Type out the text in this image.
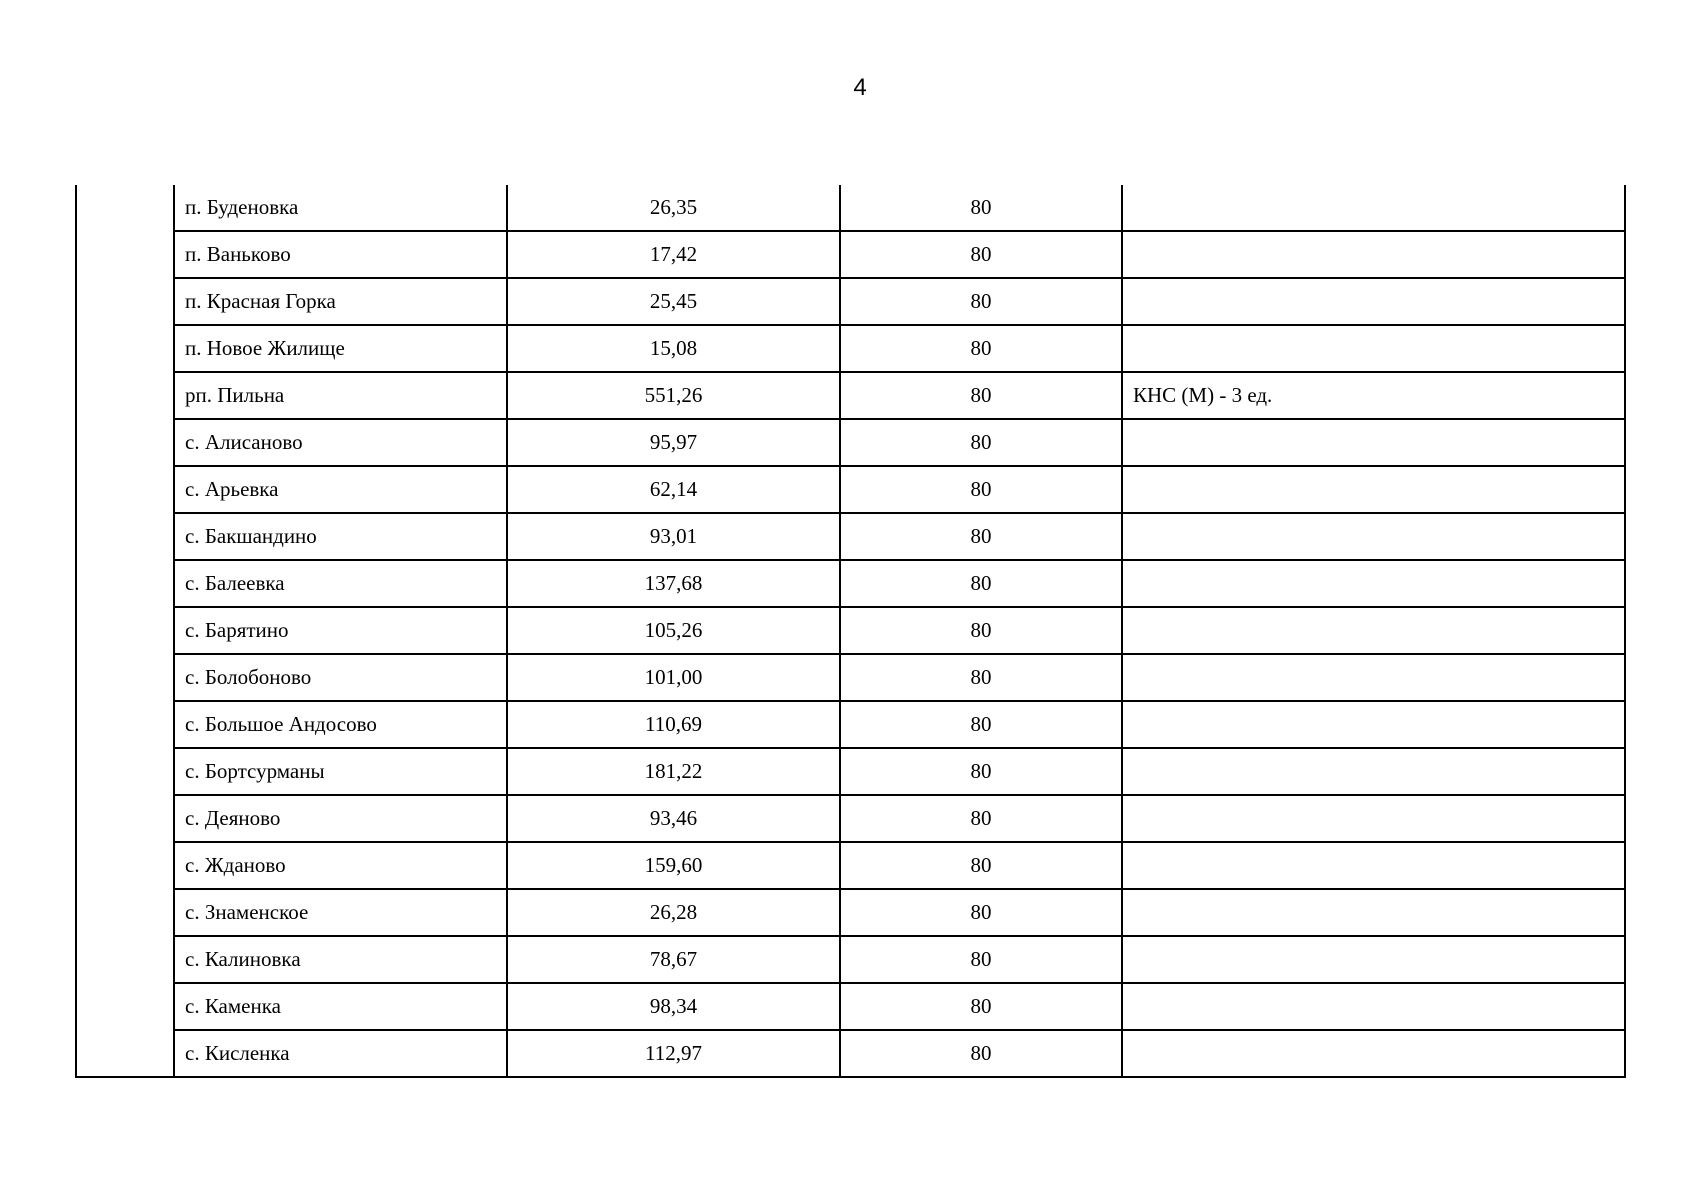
4
	п. Буденовка	26,35	80	
	п. Ваньково	17,42	80	
	п. Красная Горка	25,45	80	
	п. Новое Жилище	15,08	80	
	рп. Пильна	551,26	80	КНС (М) - 3 ед.
	с. Алисаново	95,97	80	
	с. Арьевка	62,14	80	
	с. Бакшандино	93,01	80	
	с. Балеевка	137,68	80	
	с. Барятино	105,26	80	
	с. Болобоново	101,00	80	
	с. Большое Андосово	110,69	80	
	с. Бортсурманы	181,22	80	
	с. Деяново	93,46	80	
	с. Жданово	159,60	80	
	с. Знаменское	26,28	80	
	с. Калиновка	78,67	80	
	с. Каменка	98,34	80	
	с. Кисленка	112,97	80	
